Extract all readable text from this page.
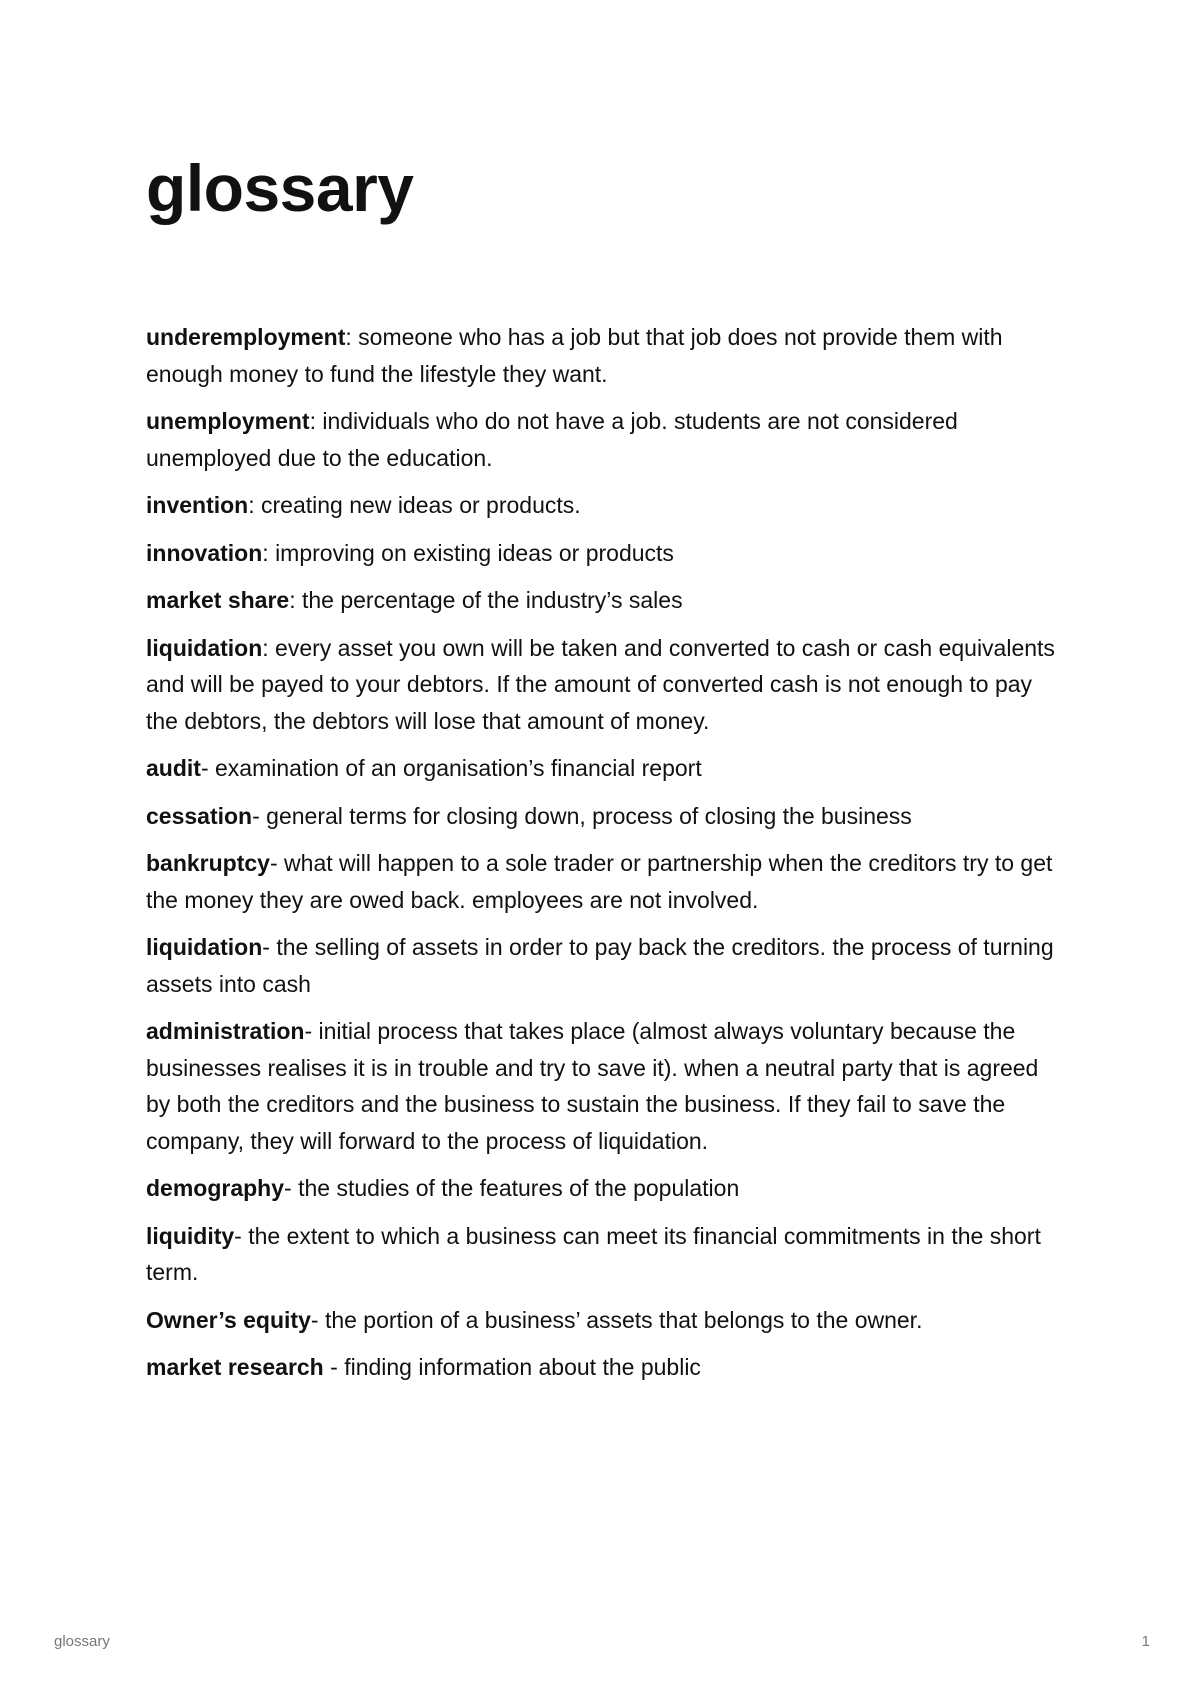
glossary
underemployment: someone who has a job but that job does not provide them with enough money to fund the lifestyle they want.
unemployment: individuals who do not have a job. students are not considered unemployed due to the education.
invention: creating new ideas or products.
innovation: improving on existing ideas or products
market share: the percentage of the industry’s sales
liquidation: every asset you own will be taken and converted to cash or cash equivalents and will be payed to your debtors. If the amount of converted cash is not enough to pay the debtors, the debtors will lose that amount of money.
audit- examination of an organisation’s financial report
cessation- general terms for closing down, process of closing the business
bankruptcy- what will happen to a sole trader or partnership when the creditors try to get the money they are owed back. employees are not involved.
liquidation- the selling of assets in order to pay back the creditors. the process of turning assets into cash
administration- initial process that takes place (almost always voluntary because the businesses realises it is in trouble and try to save it). when a neutral party that is agreed by both the creditors and the business to sustain the business. If they fail to save the company, they will forward to the process of liquidation.
demography- the studies of the features of the population
liquidity- the extent to which a business can meet its financial commitments in the short term.
Owner’s equity- the portion of a business’ assets that belongs to the owner.
market research - finding information about the public
glossary	1
